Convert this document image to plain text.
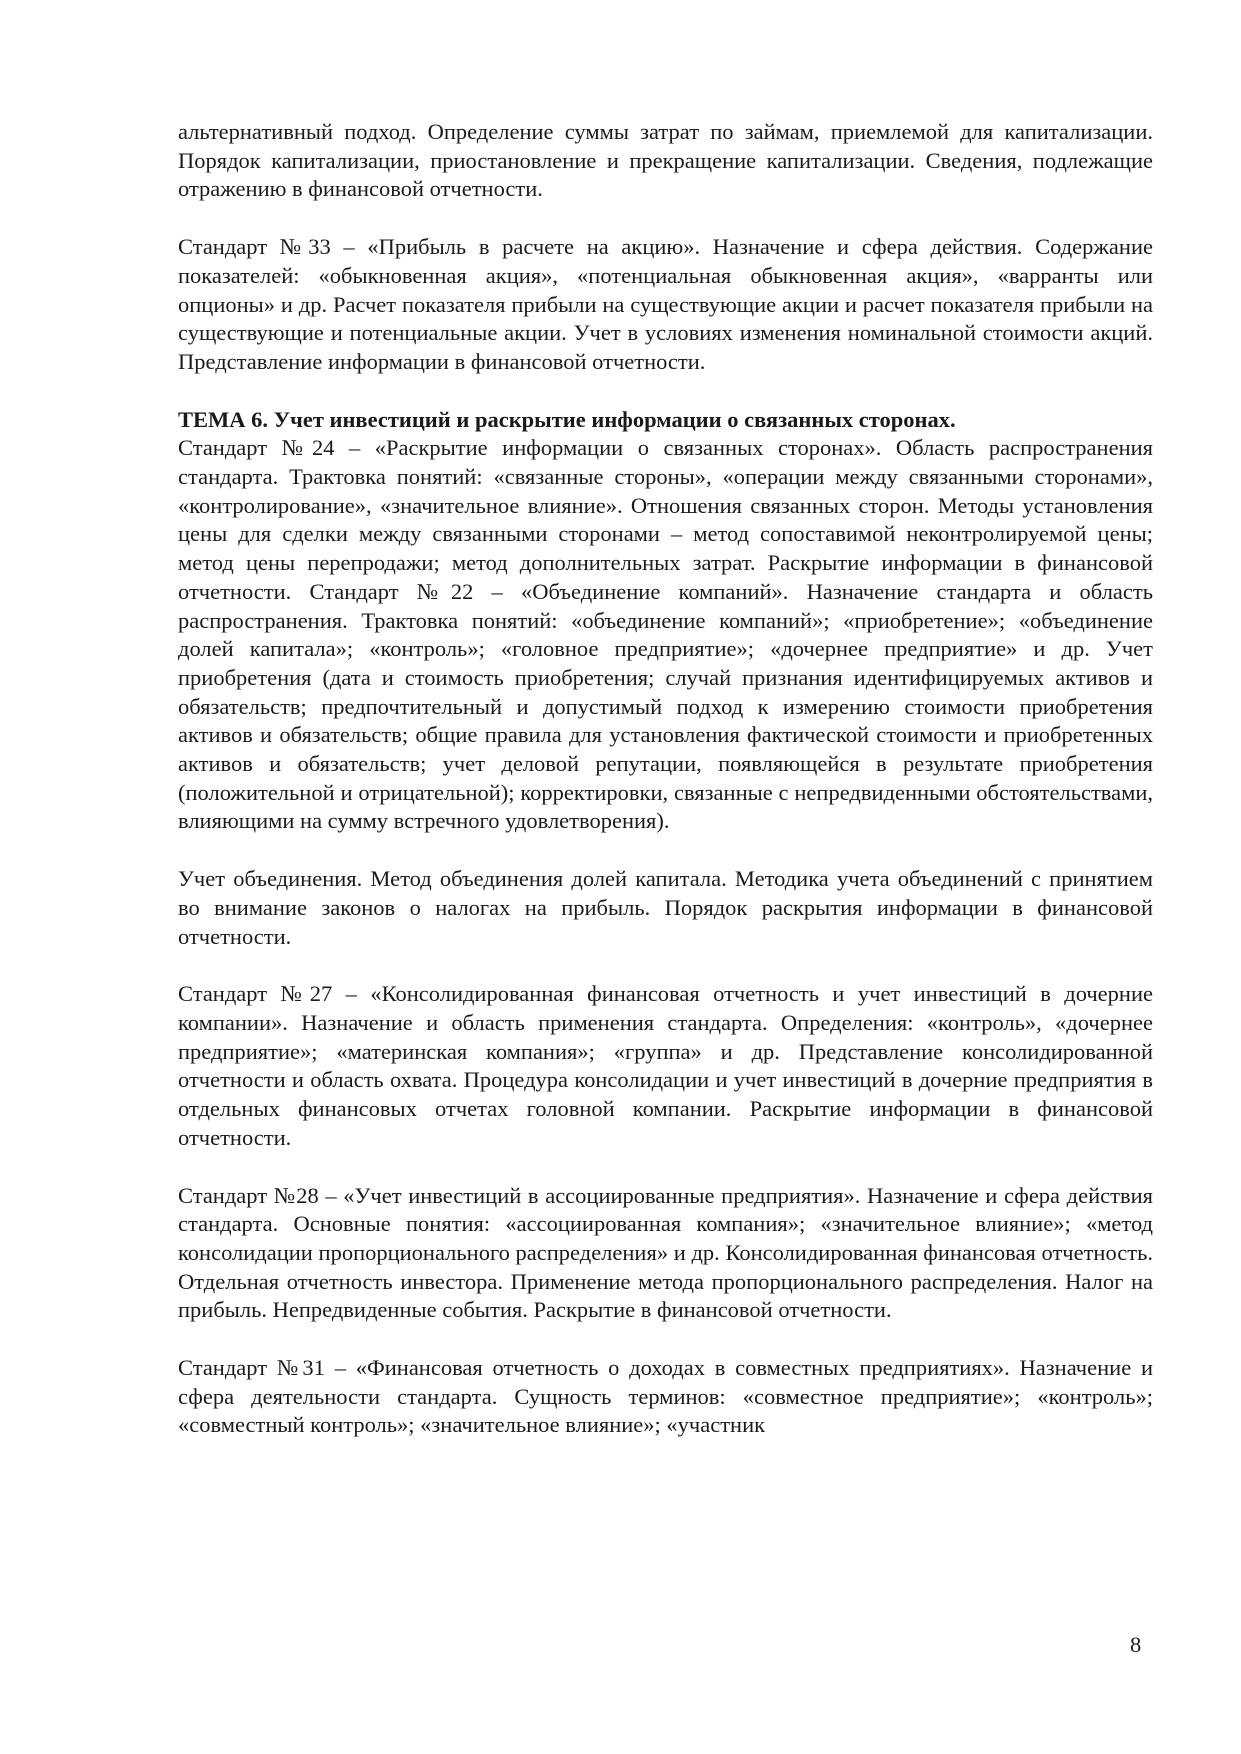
альтернативный подход. Определение суммы затрат по займам, приемлемой для капитализации. Порядок капитализации, приостановление и прекращение капитализации. Сведения, подлежащие отражению в финансовой отчетности.

Стандарт №33 – «Прибыль в расчете на акцию». Назначение и сфера действия. Содержание показателей: «обыкновенная акция», «потенциальная обыкновенная акция», «варранты или опционы» и др. Расчет показателя прибыли на существующие акции и расчет показателя прибыли на существующие и потенциальные акции. Учет в условиях изменения номинальной стоимости акций. Представление информации в финансовой отчетности.

ТЕМА 6. Учет инвестиций и раскрытие информации о связанных сторонах.

Стандарт №24 – «Раскрытие информации о связанных сторонах». Область распространения стандарта. Трактовка понятий: «связанные стороны», «операции между связанными сторонами», «контролирование», «значительное влияние». Отношения связанных сторон. Методы установления цены для сделки между связанными сторонами – метод сопоставимой неконтролируемой цены; метод цены перепродажи; метод дополнительных затрат. Раскрытие информации в финансовой отчетности. Стандарт №22 – «Объединение компаний». Назначение стандарта и область распространения. Трактовка понятий: «объединение компаний»; «приобретение»; «объединение долей капитала»; «контроль»; «головное предприятие»; «дочернее предприятие» и др. Учет приобретения (дата и стоимость приобретения; случай признания идентифицируемых активов и обязательств; предпочтительный и допустимый подход к измерению стоимости приобретения активов и обязательств; общие правила для установления фактической стоимости и приобретенных активов и обязательств; учет деловой репутации, появляющейся в результате приобретения (положительной и отрицательной); корректировки, связанные с непредвиденными обстоятельствами, влияющими на сумму встречного удовлетворения).

Учет объединения. Метод объединения долей капитала. Методика учета объединений с принятием во внимание законов о налогах на прибыль. Порядок раскрытия информации в финансовой отчетности.

Стандарт №27 – «Консолидированная финансовая отчетность и учет инвестиций в дочерние компании». Назначение и область применения стандарта. Определения: «контроль», «дочернее предприятие»; «материнская компания»; «группа» и др. Представление консолидированной отчетности и область охвата. Процедура консолидации и учет инвестиций в дочерние предприятия в отдельных финансовых отчетах головной компании. Раскрытие информации в финансовой отчетности.

Стандарт №28 – «Учет инвестиций в ассоциированные предприятия». Назначение и сфера действия стандарта. Основные понятия: «ассоциированная компания»; «значительное влияние»; «метод консолидации пропорционального распределения» и др. Консолидированная финансовая отчетность. Отдельная отчетность инвестора. Применение метода пропорционального распределения. Налог на прибыль. Непредвиденные события. Раскрытие в финансовой отчетности.

Стандарт №31 – «Финансовая отчетность о доходах в совместных предприятиях». Назначение и сфера деятельности стандарта. Сущность терминов: «совместное предприятие»; «контроль»; «совместный контроль»; «значительное влияние»; «участник

8
